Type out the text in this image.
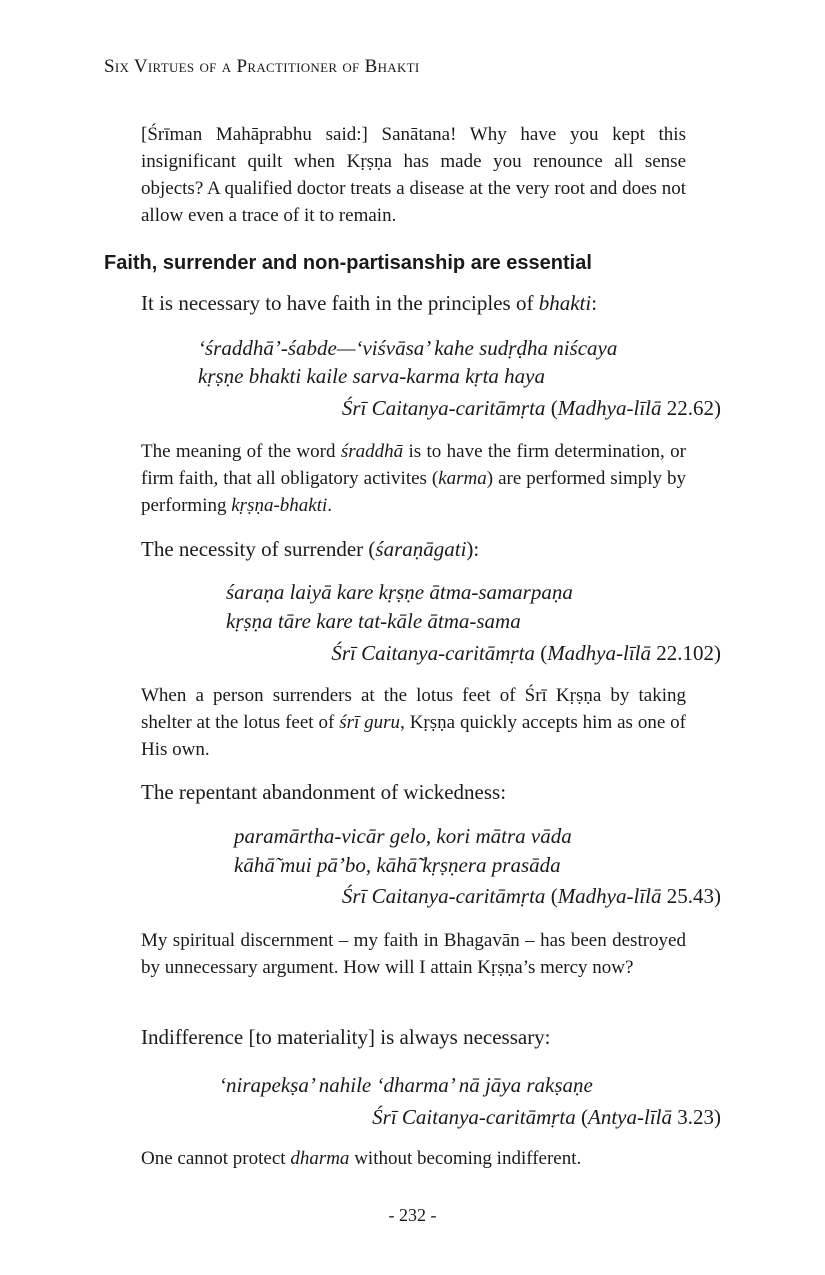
Six Virtues of a Practitioner of Bhakti

[Śrīman Mahāprabhu said:] Sanātana! Why have you kept this insignificant quilt when Kṛṣṇa has made you renounce all sense objects? A qualified doctor treats a disease at the very root and does not allow even a trace of it to remain.

Faith, surrender and non-partisanship are essential

It is necessary to have faith in the principles of bhakti:

‘śraddhā’-śabde—‘viśvāsa’ kahe sudṛḍha niścaya
kṛṣṇe bhakti kaile sarva-karma kṛta haya
Śrī Caitanya-caritāmṛta (Madhya-līlā 22.62)

The meaning of the word śraddhā is to have the firm determination, or firm faith, that all obligatory activites (karma) are performed simply by performing kṛṣṇa-bhakti.

The necessity of surrender (śaraṇāgati):

śaraṇa laiyā kare kṛṣṇe ātma-samarpaṇa
kṛṣṇa tāre kare tat-kāle ātma-sama
Śrī Caitanya-caritāmṛta (Madhya-līlā 22.102)

When a person surrenders at the lotus feet of Śrī Kṛṣṇa by taking shelter at the lotus feet of śrī guru, Kṛṣṇa quickly accepts him as one of His own.

The repentant abandonment of wickedness:

paramārtha-vicār gelo, kori mātra vāda
kāhā̃ mui pā’bo, kāhā̃ kṛṣṇera prasāda
Śrī Caitanya-caritāmṛta (Madhya-līlā 25.43)

My spiritual discernment – my faith in Bhagavān – has been destroyed by unnecessary argument. How will I attain Kṛṣṇa’s mercy now?

Indifference [to materiality] is always necessary:

‘nirapekṣa’ nahile ‘dharma’ nā jāya rakṣaṇe
Śrī Caitanya-caritāmṛta (Antya-līlā 3.23)

One cannot protect dharma without becoming indifferent.

- 232 -
